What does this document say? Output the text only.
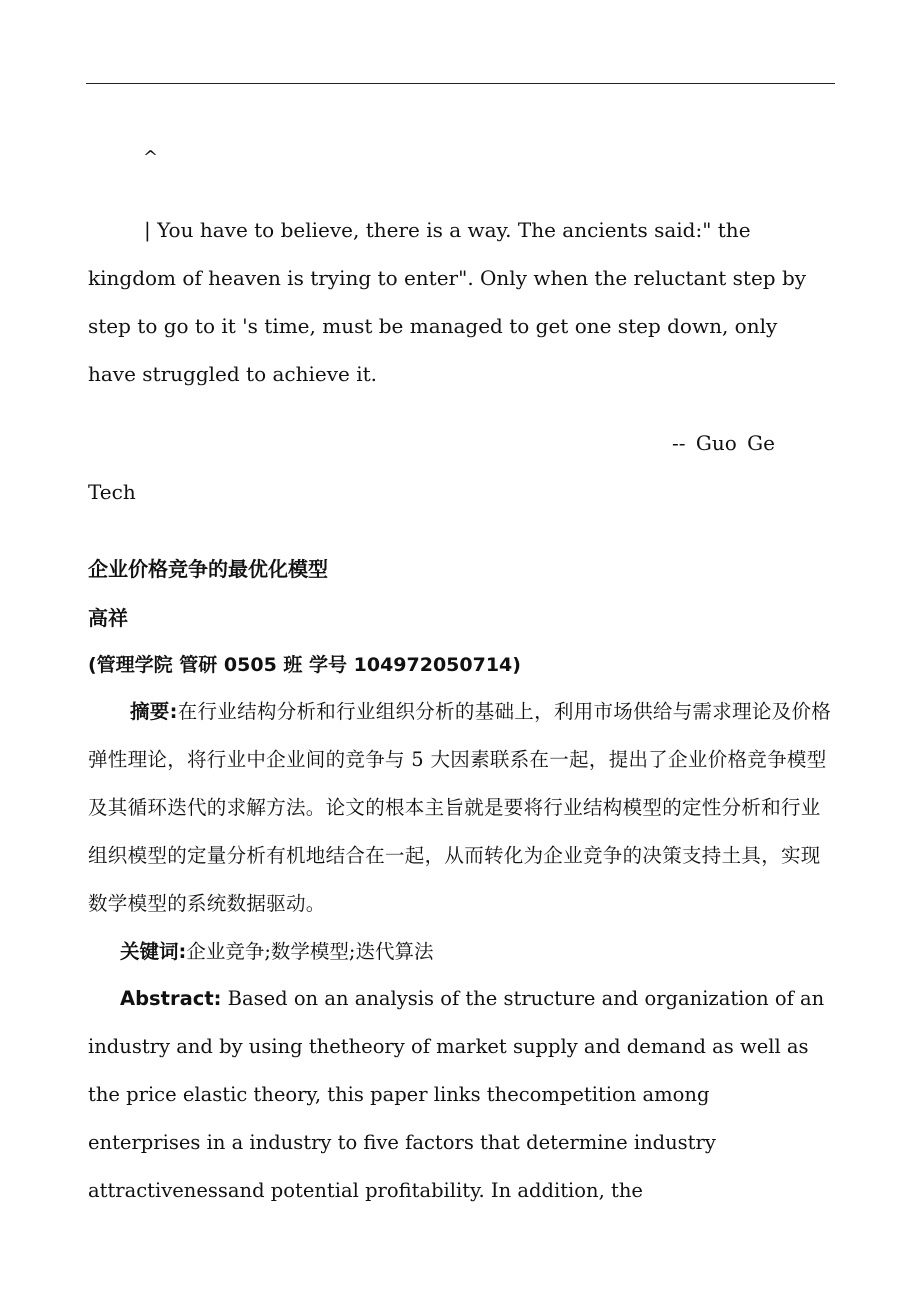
^

| You have to believe, there is a way. The ancients said:" the kingdom of heaven is trying to enter". Only when the reluctant step by step to go to it 's time, must be managed to get one step down, only have struggled to achieve it.

-- Guo Ge
Tech
企业价格竞争的最优化模型
高祥
(管理学院 管研 0505 班 学号 104972050714)

摘要:在行业结构分析和行业组织分析的基础上，利用市场供给与需求理论及价格弹性理论，将行业中企业间的竞争与 5 大因素联系在一起，提出了企业价格竞争模型及其循环迭代的求解方法。论文的根本主旨就是要将行业结构模型的定性分析和行业组织模型的定量分析有机地结合在一起，从而转化为企业竞争的决策支持土具，实现数学模型的系统数据驱动。

关键词:企业竞争;数学模型;迭代算法

Abstract: Based on an analysis of the structure and organization of an industry and by using thetheory of market supply and demand as well as the price elastic theory, this paper links thecompetition among enterprises in a industry to five factors that determine industry attractivenessand potential profitability. In addition, the
